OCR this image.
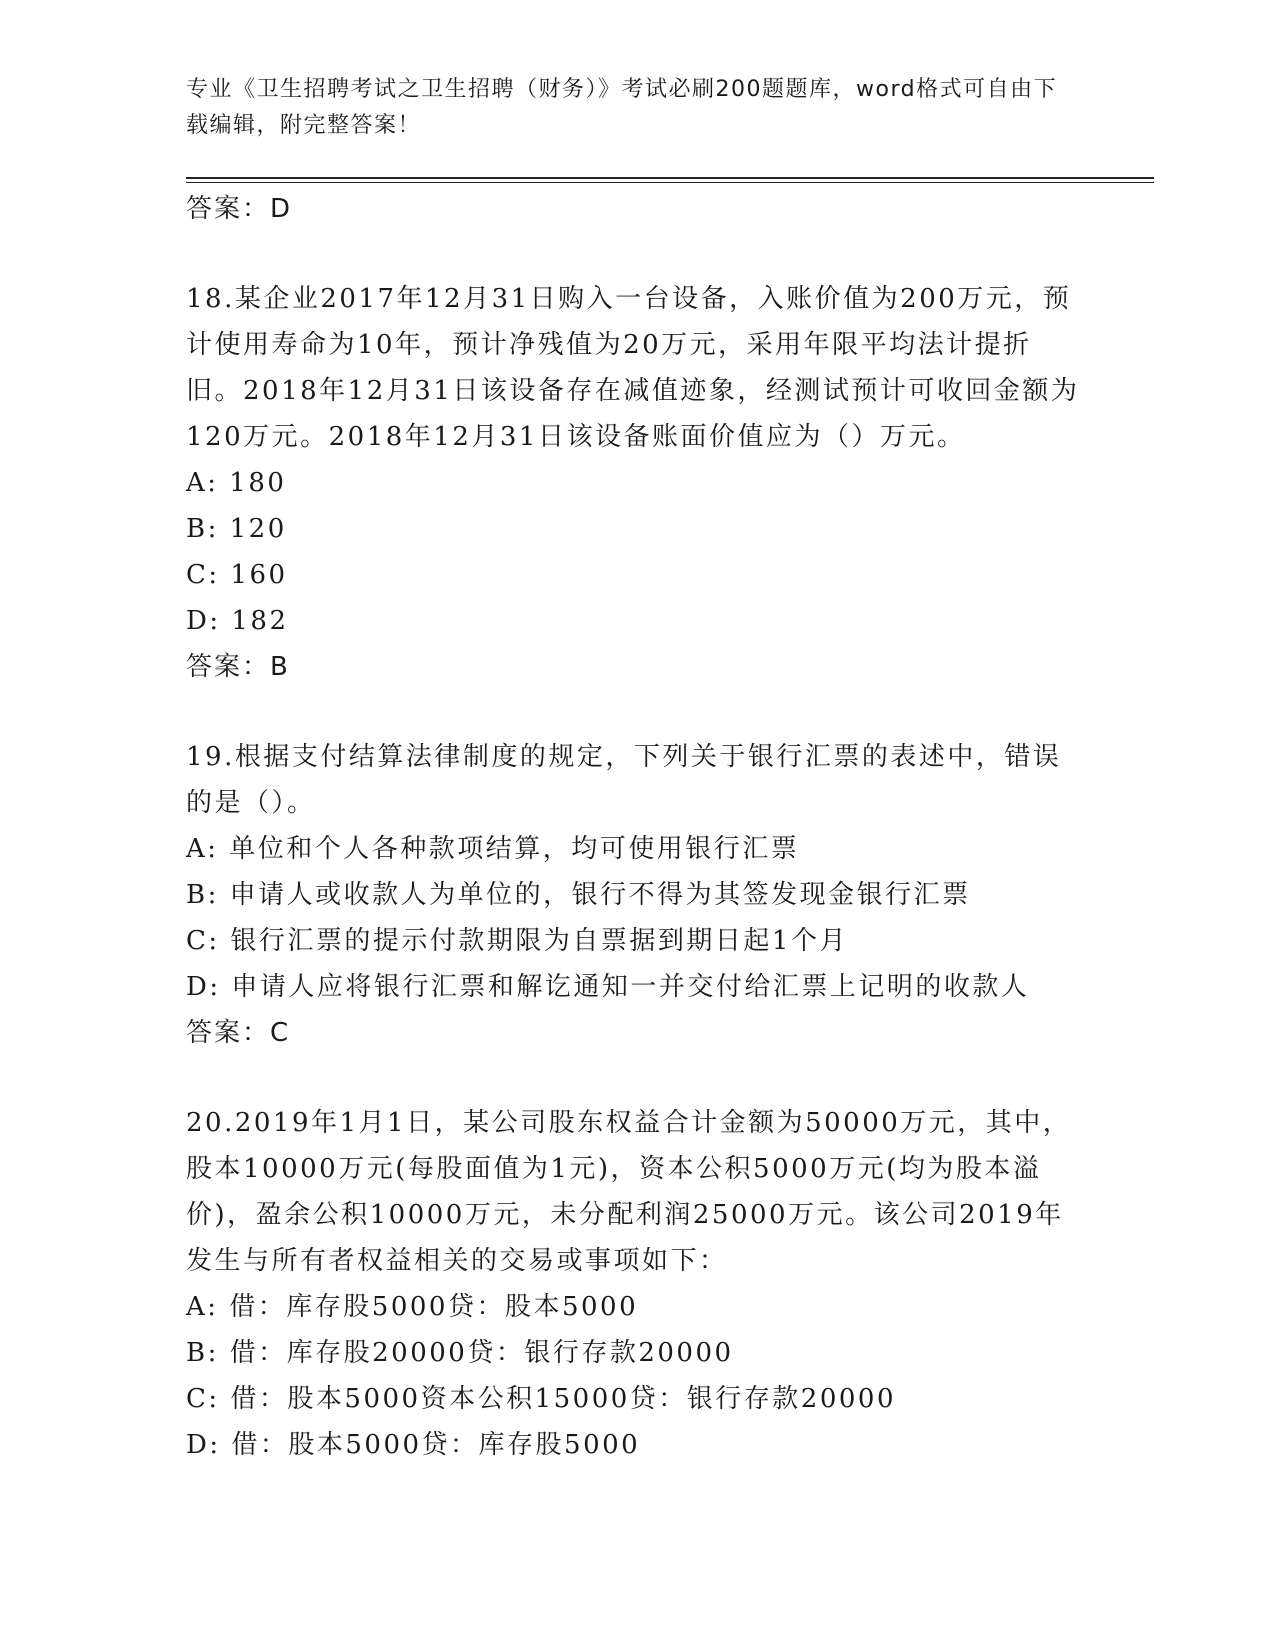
专业《卫生招聘考试之卫生招聘（财务）》考试必刷200题题库，word格式可自由下载编辑，附完整答案！
答案：D
18.某企业2017年12月31日购入一台设备，入账价值为200万元，预计使用寿命为10年，预计净残值为20万元，采用年限平均法计提折旧。2018年12月31日该设备存在减值迹象，经测试预计可收回金额为120万元。2018年12月31日该设备账面价值应为（）万元。
A: 180
B: 120
C: 160
D: 182
答案：B
19.根据支付结算法律制度的规定，下列关于银行汇票的表述中，错误的是（）。
A: 单位和个人各种款项结算，均可使用银行汇票
B: 申请人或收款人为单位的，银行不得为其签发现金银行汇票
C: 银行汇票的提示付款期限为自票据到期日起1个月
D: 申请人应将银行汇票和解讫通知一并交付给汇票上记明的收款人
答案：C
20.2019年1月1日，某公司股东权益合计金额为50000万元，其中，股本10000万元(每股面值为1元)，资本公积5000万元(均为股本溢价)，盈余公积10000万元，未分配利润25000万元。该公司2019年发生与所有者权益相关的交易或事项如下：
A: 借：库存股5000贷：股本5000
B: 借：库存股20000贷：银行存款20000
C: 借：股本5000资本公积15000贷：银行存款20000
D: 借：股本5000贷：库存股5000
